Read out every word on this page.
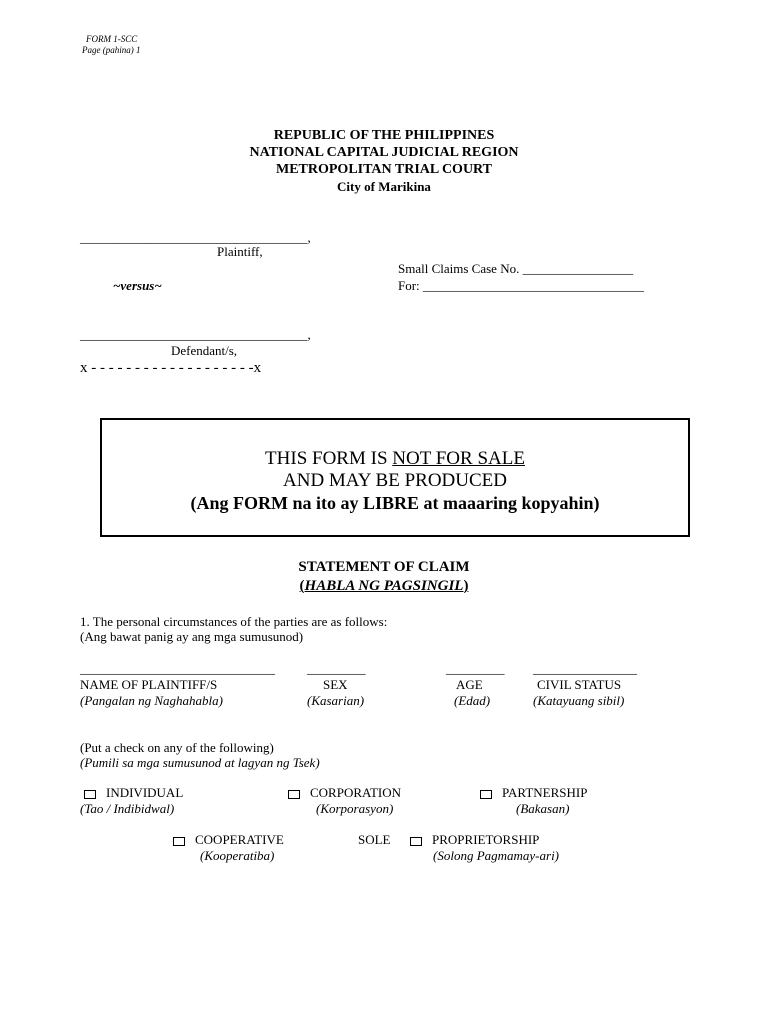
FORM 1-SCC
Page (pahina) 1
REPUBLIC OF THE PHILIPPINES
NATIONAL CAPITAL JUDICIAL REGION
METROPOLITAN TRIAL COURT
City of Marikina
___________________________________,
Plaintiff,
~versus~
___________________________________,
Defendant/s,
x - - - - - - - - - - - - - - - - - - -x
Small Claims Case No. _________________
For: __________________________________
THIS FORM IS NOT FOR SALE
AND MAY BE PRODUCED
(Ang FORM na ito ay LIBRE at maaaring kopyahin)
STATEMENT OF CLAIM
(HABLA NG PAGSINGIL)
1. The personal circumstances of the parties are as follows:
(Ang bawat panig ay ang mga sumusunod)
______________________________ _________	_________ ________________
NAME OF PLAINTIFF/S	SEX	AGE	CIVIL STATUS
(Pangalan ng Naghahabla)	(Kasarian)	(Edad)	(Katayuang sibil)
(Put a check on any of the following)
(Pumili sa mga sumusunod at lagyan ng Tsek)
INDIVIDUAL
(Tao / Indibidwal)
CORPORATION
(Korporasyon)
PARTNERSHIP
(Bakasan)
COOPERATIVE
(Kooperatiba)
SOLE	PROPRIETORSHIP
(Solong Pagmamay-ari)
